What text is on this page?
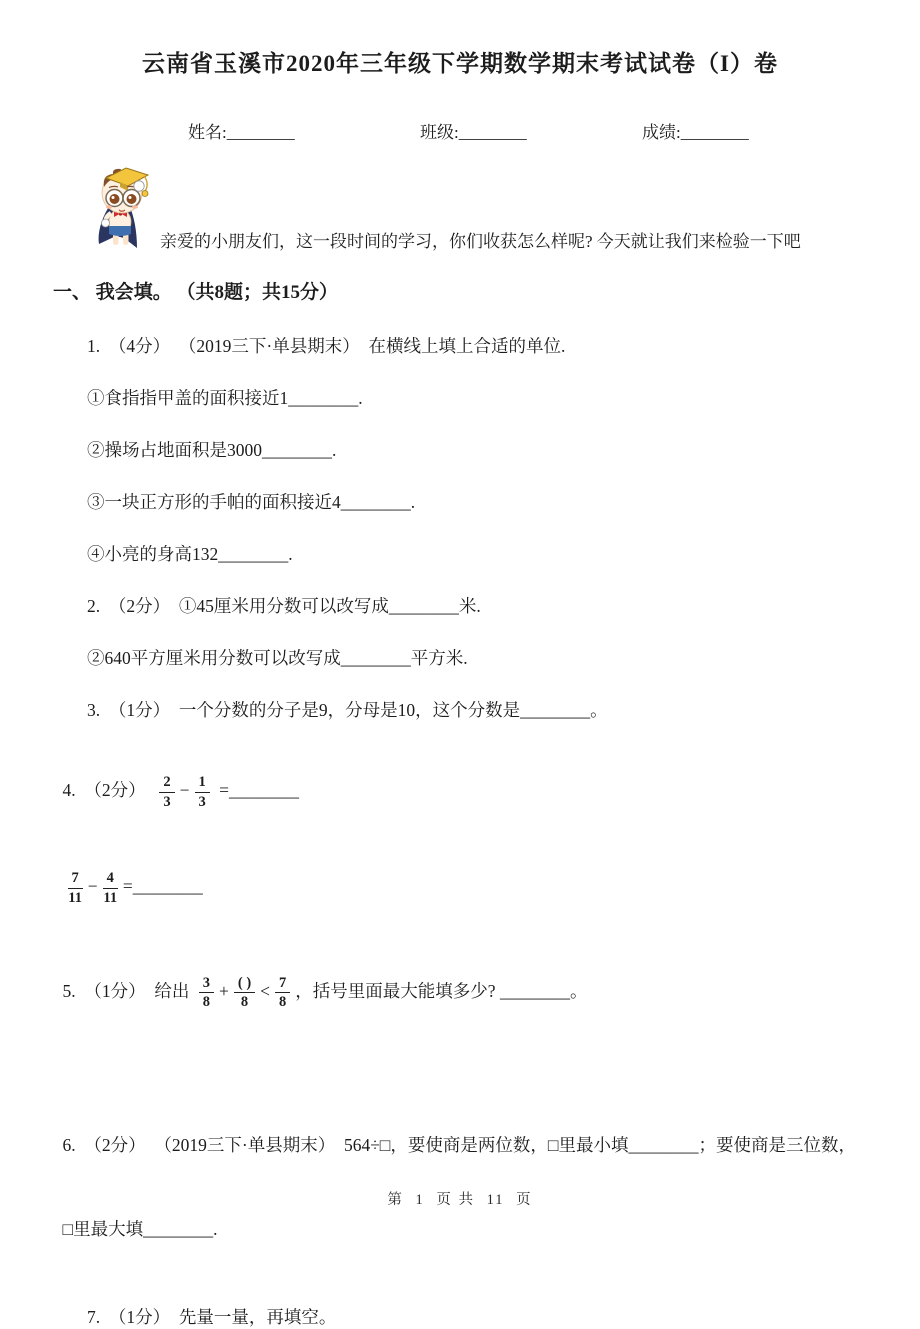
云南省玉溪市2020年三年级下学期数学期末考试试卷（I）卷
姓名:________	班级:________	成绩:________
亲爱的小朋友们，这一段时间的学习，你们收获怎么样呢? 今天就让我们来检验一下吧
一、 我会填。 （共8题；共15分）
1.  （4分）  （2019三下·单县期末）  在横线上填上合适的单位.
①食指指甲盖的面积接近1________.
②操场占地面积是3000________.
③一块正方形的手帕的面积接近4________.
④小亮的身高132________.
2.  （2分）  ①45厘米用分数可以改写成________米.
②640平方厘米用分数可以改写成________平方米.
3.  （1分）  一个分数的分子是9，分母是10，这个分数是________。

4.  （2分） $\frac{2}{3} - \frac{1}{3}$ =________

$\frac{7}{11} - \frac{4}{11}$ =________

5.  （1分）  给出 $\frac{3}{8} + \frac{( )}{8} < \frac{7}{8}$ ，括号里面最大能填多少? ________。

6.  （2分）  （2019三下·单县期末）  564÷□，要使商是两位数，□里最小填________；要使商是三位数，

□里最大填________.

7.  （1分）  先量一量，再填空。
第 1 页 共 11 页
